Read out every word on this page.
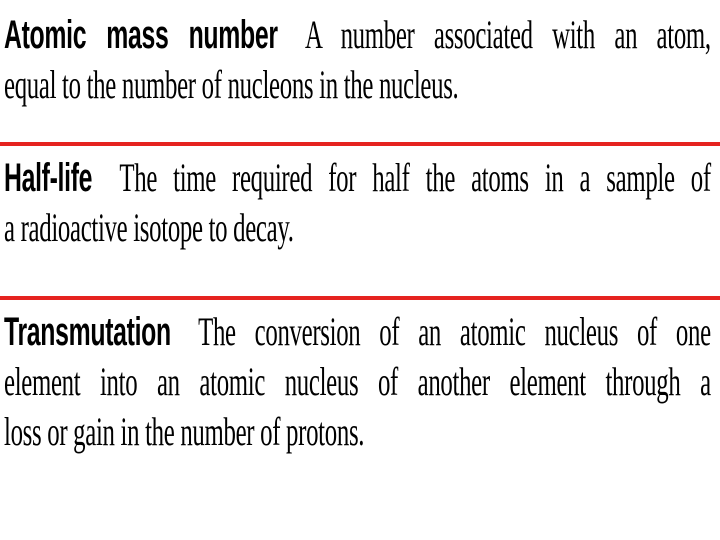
Atomic mass number A number associated with an atom,
equal to the number of nucleons in the nucleus.
Half-life The time required for half the atoms in a sample of
a radioactive isotope to decay.
Transmutation The conversion of an atomic nucleus of one
element into an atomic nucleus of another element through a
loss or gain in the number of protons.
